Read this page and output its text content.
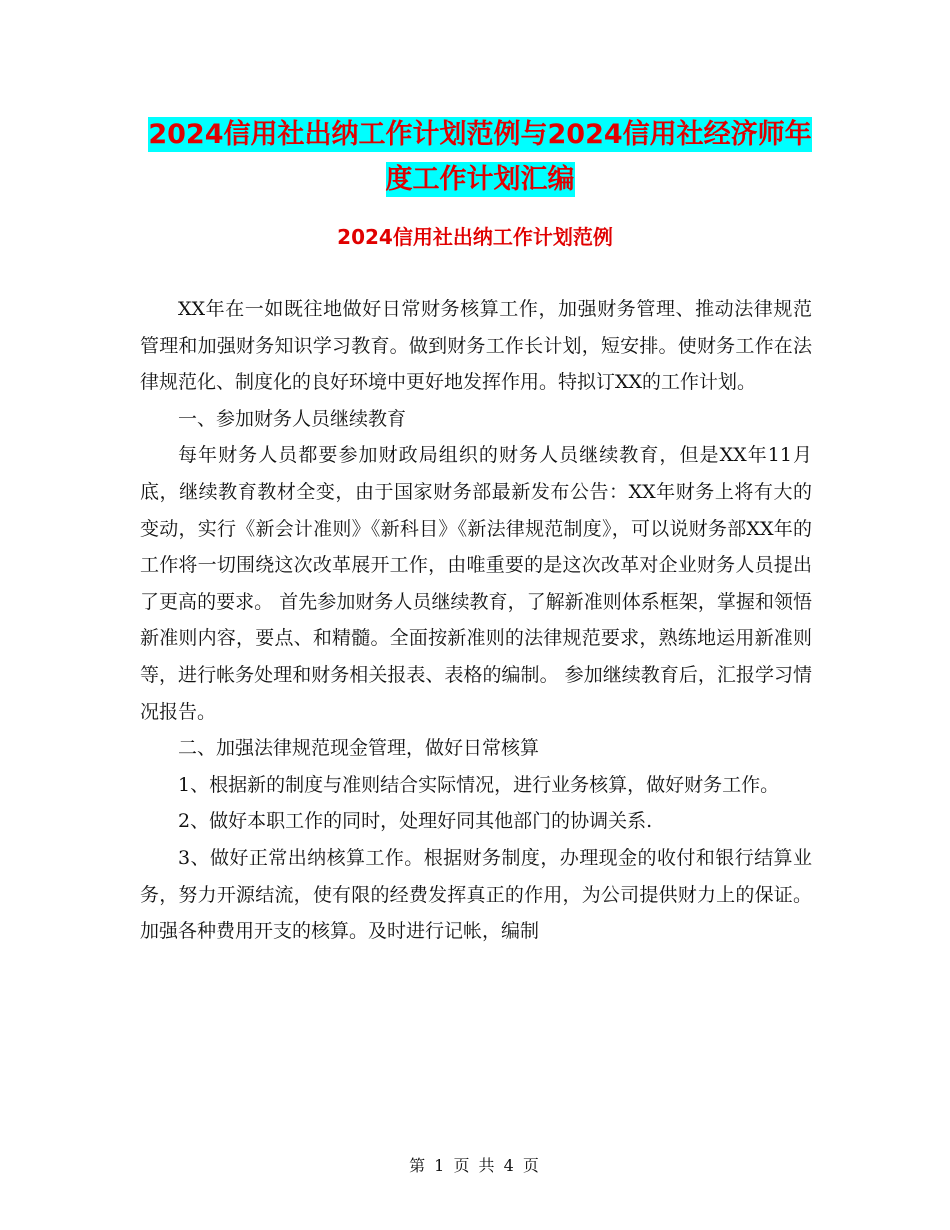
2024信用社出纳工作计划范例与2024信用社经济师年
度工作计划汇编
2024信用社出纳工作计划范例

XX年在一如既往地做好日常财务核算工作，加强财务管理、推动法律规范管理和加强财务知识学习教育。做到财务工作长计划，短安排。使财务工作在法律规范化、制度化的良好环境中更好地发挥作用。特拟订XX的工作计划。

一、参加财务人员继续教育

每年财务人员都要参加财政局组织的财务人员继续教育，但是XX年11月底，继续教育教材全变，由于国家财务部最新发布公告：XX年财务上将有大的变动，实行《新会计准则》《新科目》《新法律规范制度》，可以说财务部XX年的工作将一切围绕这次改革展开工作，由唯重要的是这次改革对企业财务人员提出了更高的要求。 首先参加财务人员继续教育，了解新准则体系框架，掌握和领悟新准则内容，要点、和精髓。全面按新准则的法律规范要求，熟练地运用新准则等，进行帐务处理和财务相关报表、表格的编制。 参加继续教育后，汇报学习情况报告。

二、加强法律规范现金管理，做好日常核算

1、根据新的制度与准则结合实际情况，进行业务核算，做好财务工作。

2、做好本职工作的同时，处理好同其他部门的协调关系.

3、做好正常出纳核算工作。根据财务制度，办理现金的收付和银行结算业务，努力开源结流，使有限的经费发挥真正的作用，为公司提供财力上的保证。加强各种费用开支的核算。及时进行记帐，编制

第 1 页 共 4 页
